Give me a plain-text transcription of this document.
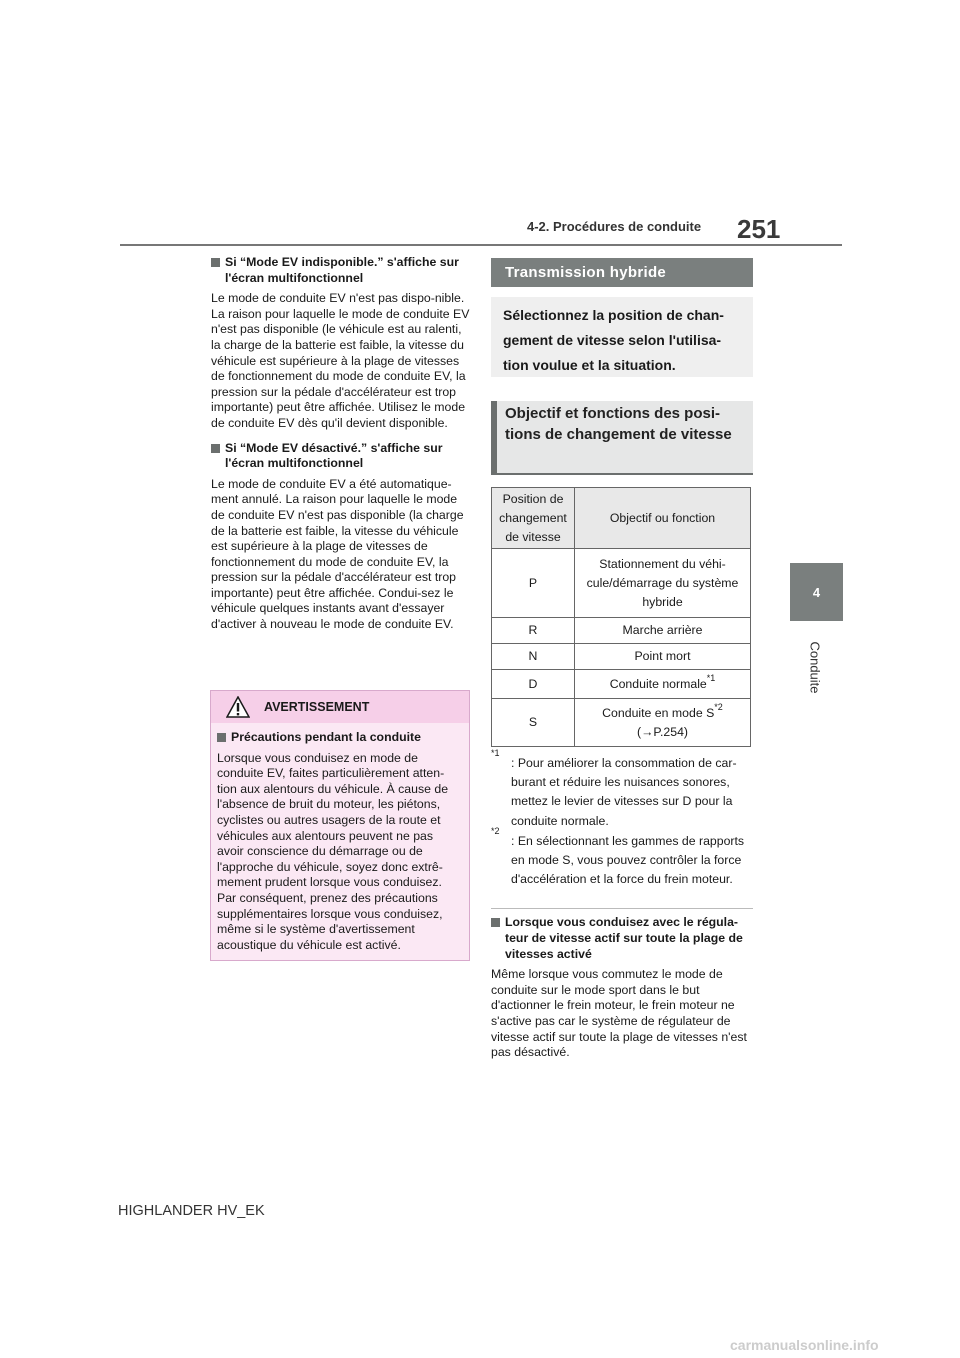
251
4-2. Procédures de conduite
4
Conduite
Si “Mode EV indisponible.” s'affiche sur l'écran multifonctionnel

Le mode de conduite EV n'est pas dispo-nible. La raison pour laquelle le mode de conduite EV n'est pas disponible (le véhicule est au ralenti, la charge de la batterie est faible, la vitesse du véhicule est supérieure à la plage de vitesses de fonctionnement du mode de conduite EV, la pression sur la pédale d'accélérateur est trop importante) peut être affichée. Utilisez le mode de conduite EV dès qu'il devient disponible.

Si “Mode EV désactivé.” s'affiche sur l'écran multifonctionnel

Le mode de conduite EV a été automatique-ment annulé. La raison pour laquelle le mode de conduite EV n'est pas disponible (la charge de la batterie est faible, la vitesse du véhicule est supérieure à la plage de vitesses de fonctionnement du mode de conduite EV, la pression sur la pédale d'accélérateur est trop importante) peut être affichée. Condui-sez le véhicule quelques instants avant d'essayer d'activer à nouveau le mode de conduite EV.

AVERTISSEMENT
Précautions pendant la conduite

Lorsque vous conduisez en mode de conduite EV, faites particulièrement atten-tion aux alentours du véhicule. À cause de l'absence de bruit du moteur, les piétons, cyclistes ou autres usagers de la route et véhicules aux alentours peuvent ne pas avoir conscience du démarrage ou de l'approche du véhicule, soyez donc extrê-mement prudent lorsque vous conduisez. Par conséquent, prenez des précautions supplémentaires lorsque vous conduisez, même si le système d'avertissement acoustique du véhicule est activé.

Transmission hybride
Sélectionnez la position de chan-gement de vitesse selon l'utilisa-tion voulue et la situation.
Objectif et fonctions des posi-tions de changement de vitesse
Position de changement de vitesse	Objectif ou fonction
P	Stationnement du véhi-cule/démarrage du système hybride
R	Marche arrière
N	Point mort
D	Conduite normale$^{*1}$
S	Conduite en mode $S^{*2}$
(→P.254)
$^{*1}$
: Pour améliorer la consommation de car-burant et réduire les nuisances sonores, mettez le levier de vitesses sur D pour la conduite normale.
$^{*2}$
: En sélectionnant les gammes de rapports en mode S, vous pouvez contrôler la force d'accélération et la force du frein moteur.
Lorsque vous conduisez avec le régula-teur de vitesse actif sur toute la plage de vitesses activé

Même lorsque vous commutez le mode de conduite sur le mode sport dans le but d'actionner le frein moteur, le frein moteur ne s'active pas car le système de régulateur de vitesse actif sur toute la plage de vitesses n'est pas désactivé.

HIGHLANDER HV_EK
carmanualsonline.info
